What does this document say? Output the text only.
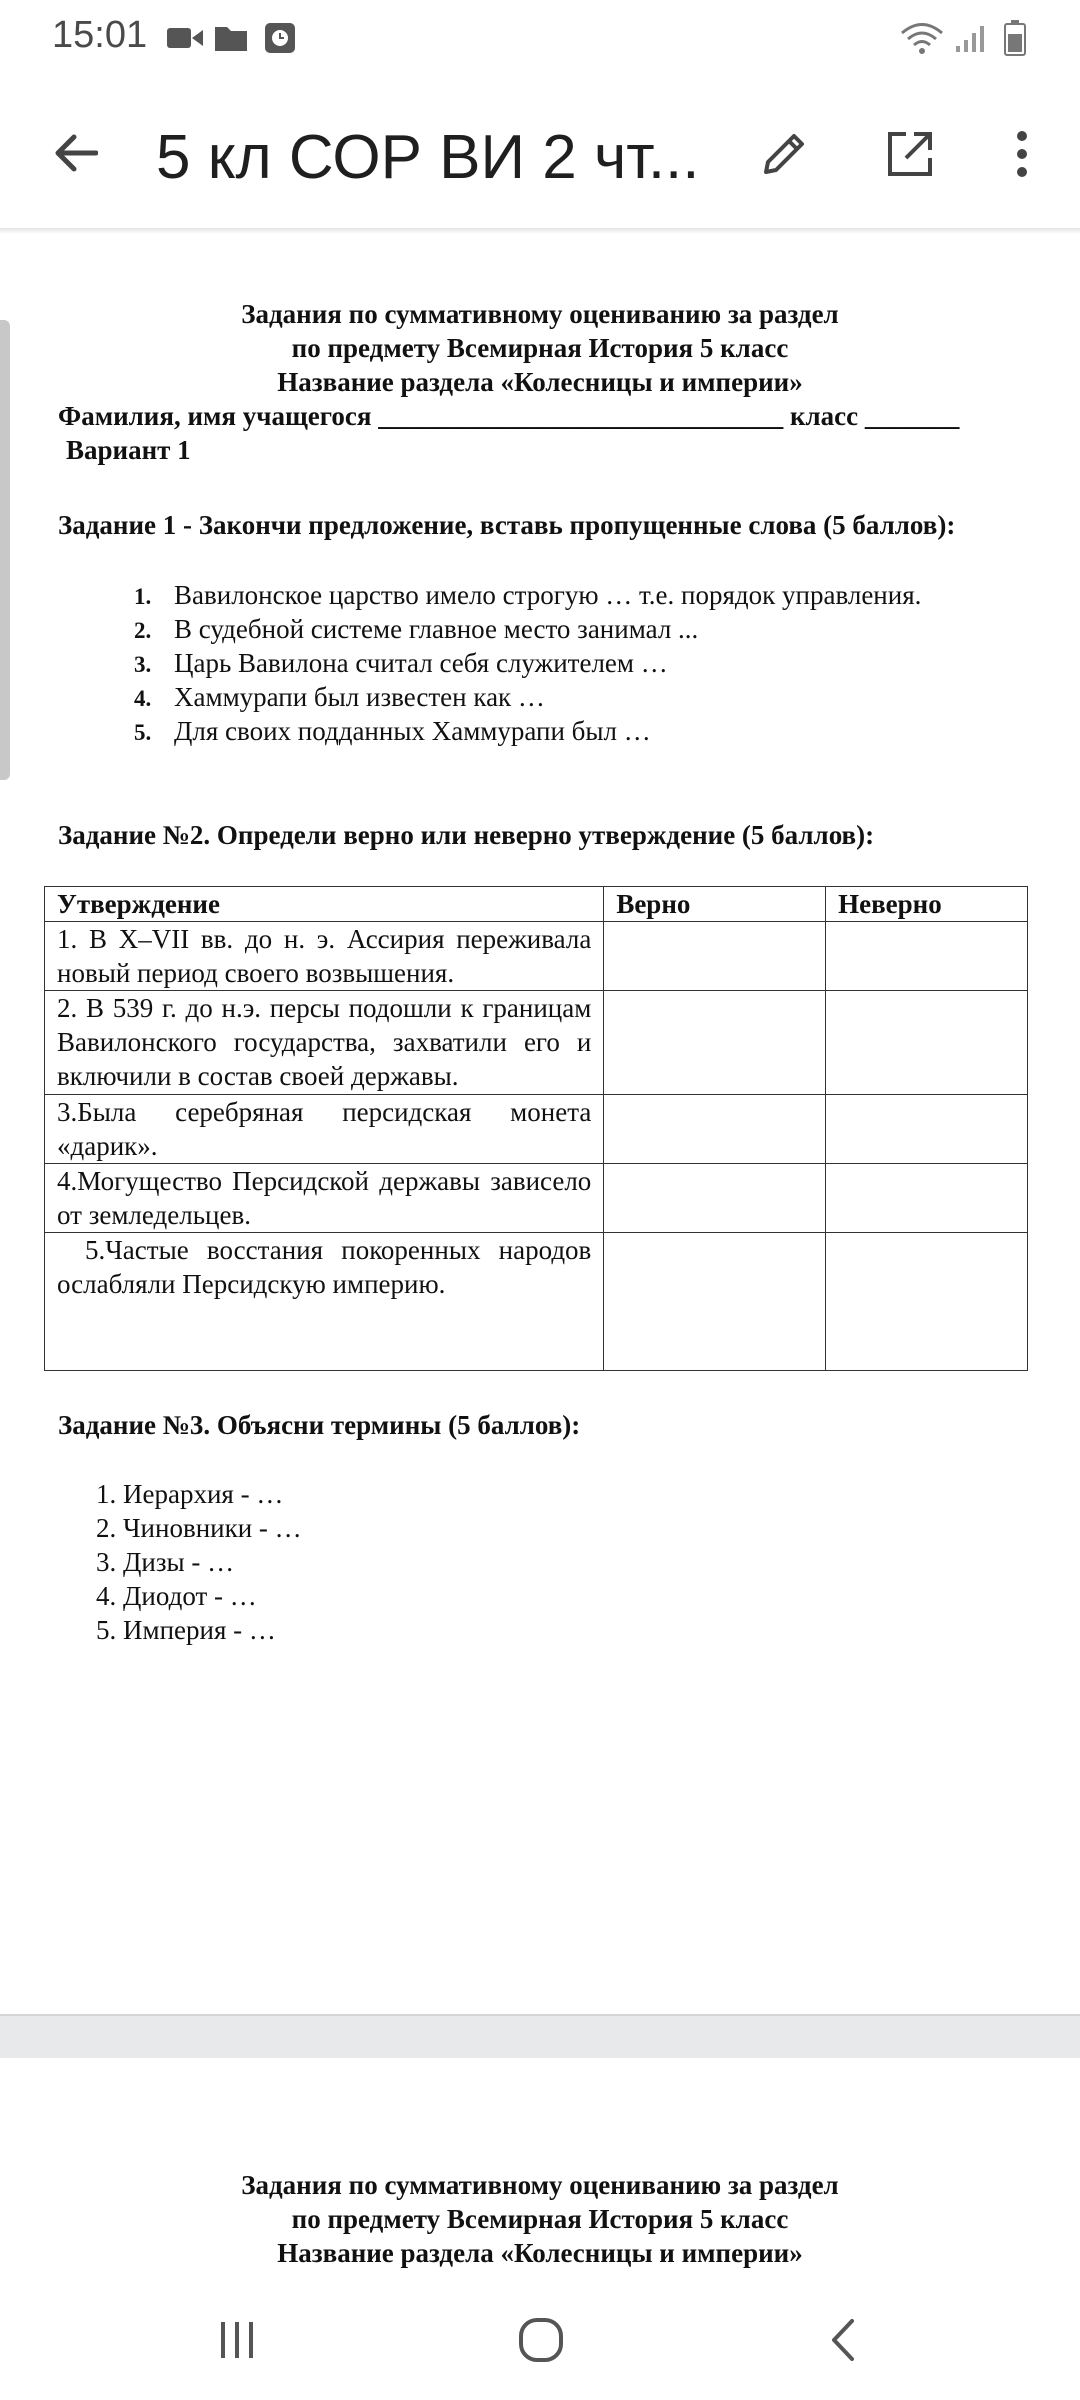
15:01
5 кл СОР ВИ 2 чт...
Задания по суммативному оцениванию за раздел
по предмету Всемирная История 5 класс
Название раздела «Колесницы и империи»
Фамилия, имя учащегося ______________________________ класс _______
Вариант 1
Задание 1 - Закончи предложение, вставь пропущенные слова (5 баллов):
1. Вавилонское царство имело строгую … т.е. порядок управления.
2. В судебной системе главное место занимал ...
3. Царь Вавилона считал себя служителем …
4. Хаммурапи был известен как …
5. Для своих подданных Хаммурапи был …
Задание №2. Определи верно или неверно утверждение (5 баллов):
Утверждение	Верно	Неверно
1. В X–VII вв. до н. э. Ассирия переживала новый период своего возвышения.		
2. В 539 г. до н.э. персы подошли к границам Вавилонского государства, захватили его и включили в состав своей державы.		
3.Была серебряная персидская монета «дарик».		
4.Могущество Персидской державы зависело от земледельцев.		
5.Частые восстания покоренных народов ослабляли Персидскую империю.		
Задание №3. Объясни термины (5 баллов):
1. Иерархия - …
2. Чиновники - …
3. Дизы - …
4. Диодот - …
5. Империя - …
Задания по суммативному оцениванию за раздел
по предмету Всемирная История 5 класс
Название раздела «Колесницы и империи»
